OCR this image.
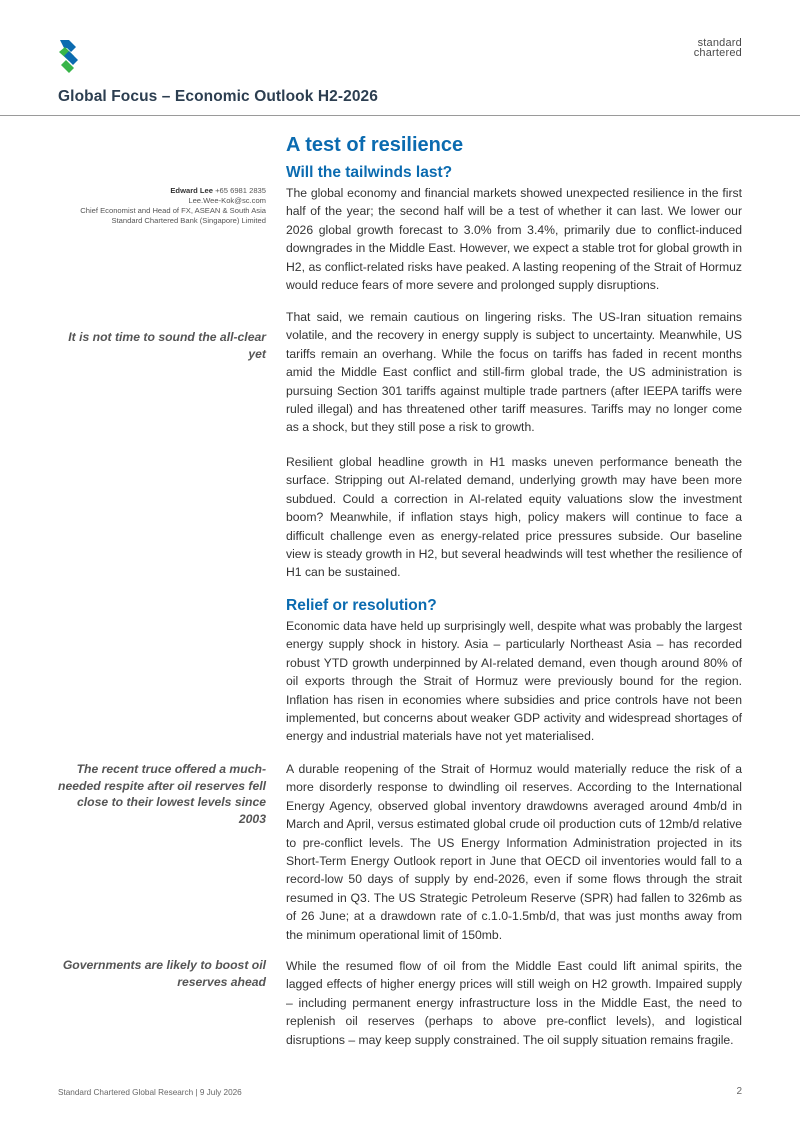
standard
chartered
Global Focus – Economic Outlook H2-2026
Edward Lee +65 6981 2835
Lee.Wee-Kok@sc.com
Chief Economist and Head of FX, ASEAN & South Asia
Standard Chartered Bank (Singapore) Limited
A test of resilience
Will the tailwinds last?

The global economy and financial markets showed unexpected resilience in the first half of the year; the second half will be a test of whether it can last. We lower our 2026 global growth forecast to 3.0% from 3.4%, primarily due to conflict-induced downgrades in the Middle East. However, we expect a stable trot for global growth in H2, as conflict-related risks have peaked. A lasting reopening of the Strait of Hormuz would reduce fears of more severe and prolonged supply disruptions.

That said, we remain cautious on lingering risks. The US-Iran situation remains volatile, and the recovery in energy supply is subject to uncertainty. Meanwhile, US tariffs remain an overhang. While the focus on tariffs has faded in recent months amid the Middle East conflict and still-firm global trade, the US administration is pursuing Section 301 tariffs against multiple trade partners (after IEEPA tariffs were ruled illegal) and has threatened other tariff measures. Tariffs may no longer come as a shock, but they still pose a risk to growth.

Resilient global headline growth in H1 masks uneven performance beneath the surface. Stripping out AI-related demand, underlying growth may have been more subdued. Could a correction in AI-related equity valuations slow the investment boom? Meanwhile, if inflation stays high, policy makers will continue to face a difficult challenge even as energy-related price pressures subside. Our baseline view is steady growth in H2, but several headwinds will test whether the resilience of H1 can be sustained.

Relief or resolution?

Economic data have held up surprisingly well, despite what was probably the largest energy supply shock in history. Asia – particularly Northeast Asia – has recorded robust YTD growth underpinned by AI-related demand, even though around 80% of oil exports through the Strait of Hormuz were previously bound for the region. Inflation has risen in economies where subsidies and price controls have not been implemented, but concerns about weaker GDP activity and widespread shortages of energy and industrial materials have not yet materialised.

A durable reopening of the Strait of Hormuz would materially reduce the risk of a more disorderly response to dwindling oil reserves. According to the International Energy Agency, observed global inventory drawdowns averaged around 4mb/d in March and April, versus estimated global crude oil production cuts of 12mb/d relative to pre-conflict levels. The US Energy Information Administration projected in its Short-Term Energy Outlook report in June that OECD oil inventories would fall to a record-low 50 days of supply by end-2026, even if some flows through the strait resumed in Q3. The US Strategic Petroleum Reserve (SPR) had fallen to 326mb as of 26 June; at a drawdown rate of c.1.0-1.5mb/d, that was just months away from the minimum operational limit of 150mb.

While the resumed flow of oil from the Middle East could lift animal spirits, the lagged effects of higher energy prices will still weigh on H2 growth. Impaired supply – including permanent energy infrastructure loss in the Middle East, the need to replenish oil reserves (perhaps to above pre-conflict levels), and logistical disruptions – may keep supply constrained. The oil supply situation remains fragile.

It is not time to sound the all-clear yet
The recent truce offered a much-needed respite after oil reserves fell close to their lowest levels since 2003
Governments are likely to boost oil reserves ahead
Standard Chartered Global Research | 9 July 2026	2
